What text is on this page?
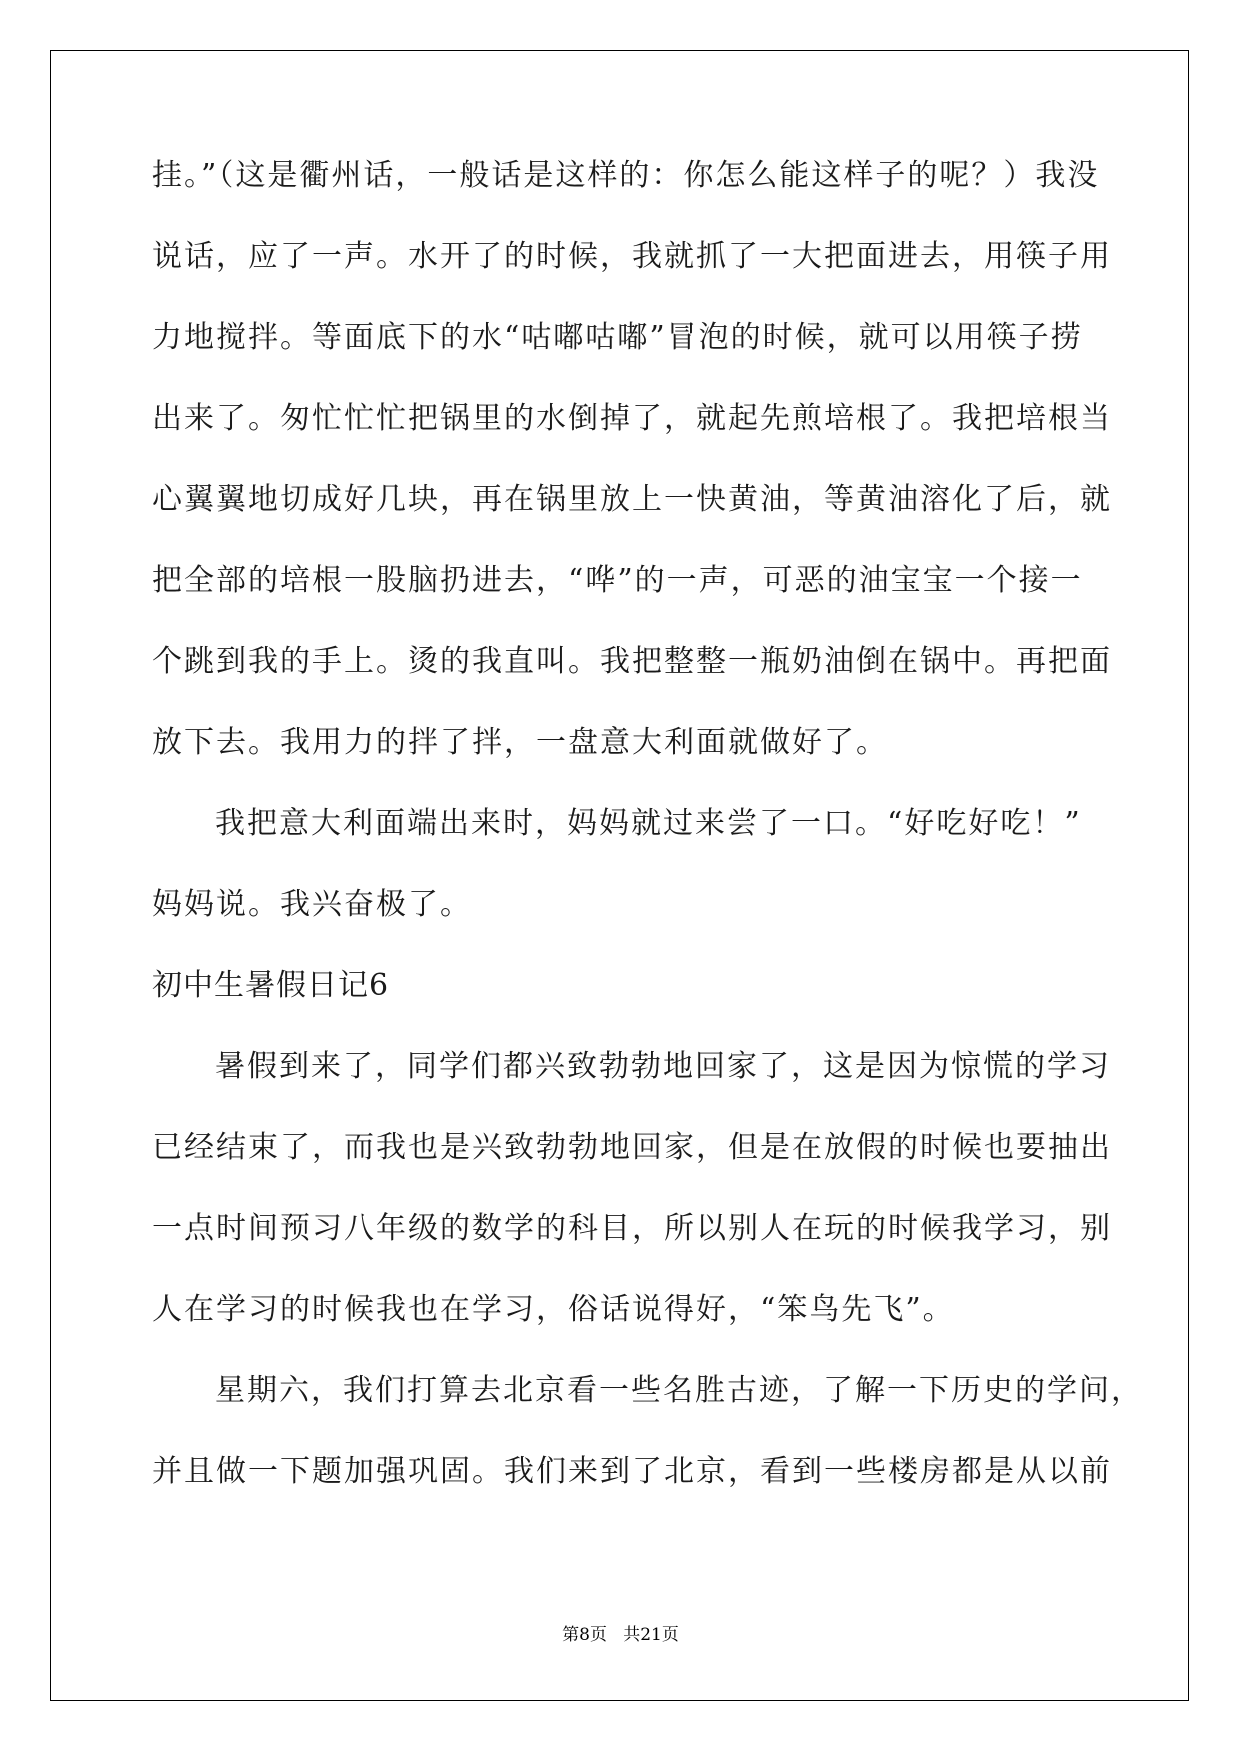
挂。”（这是衢州话，一般话是这样的：你怎么能这样子的呢？）我没
说话，应了一声。水开了的时候，我就抓了一大把面进去，用筷子用
力地搅拌。等面底下的水“咕嘟咕嘟”冒泡的时候，就可以用筷子捞
出来了。匆忙忙忙把锅里的水倒掉了，就起先煎培根了。我把培根当
心翼翼地切成好几块，再在锅里放上一快黄油，等黄油溶化了后，就
把全部的培根一股脑扔进去，“哗”的一声，可恶的油宝宝一个接一
个跳到我的手上。烫的我直叫。我把整整一瓶奶油倒在锅中。再把面
放下去。我用力的拌了拌，一盘意大利面就做好了。
我把意大利面端出来时，妈妈就过来尝了一口。“好吃好吃！”
妈妈说。我兴奋极了。
初中生暑假日记6
暑假到来了，同学们都兴致勃勃地回家了，这是因为惊慌的学习
已经结束了，而我也是兴致勃勃地回家，但是在放假的时候也要抽出
一点时间预习八年级的数学的科目，所以别人在玩的时候我学习，别
人在学习的时候我也在学习，俗话说得好，“笨鸟先飞”。
星期六，我们打算去北京看一些名胜古迹，了解一下历史的学问，
并且做一下题加强巩固。我们来到了北京，看到一些楼房都是从以前
第8页 共21页
